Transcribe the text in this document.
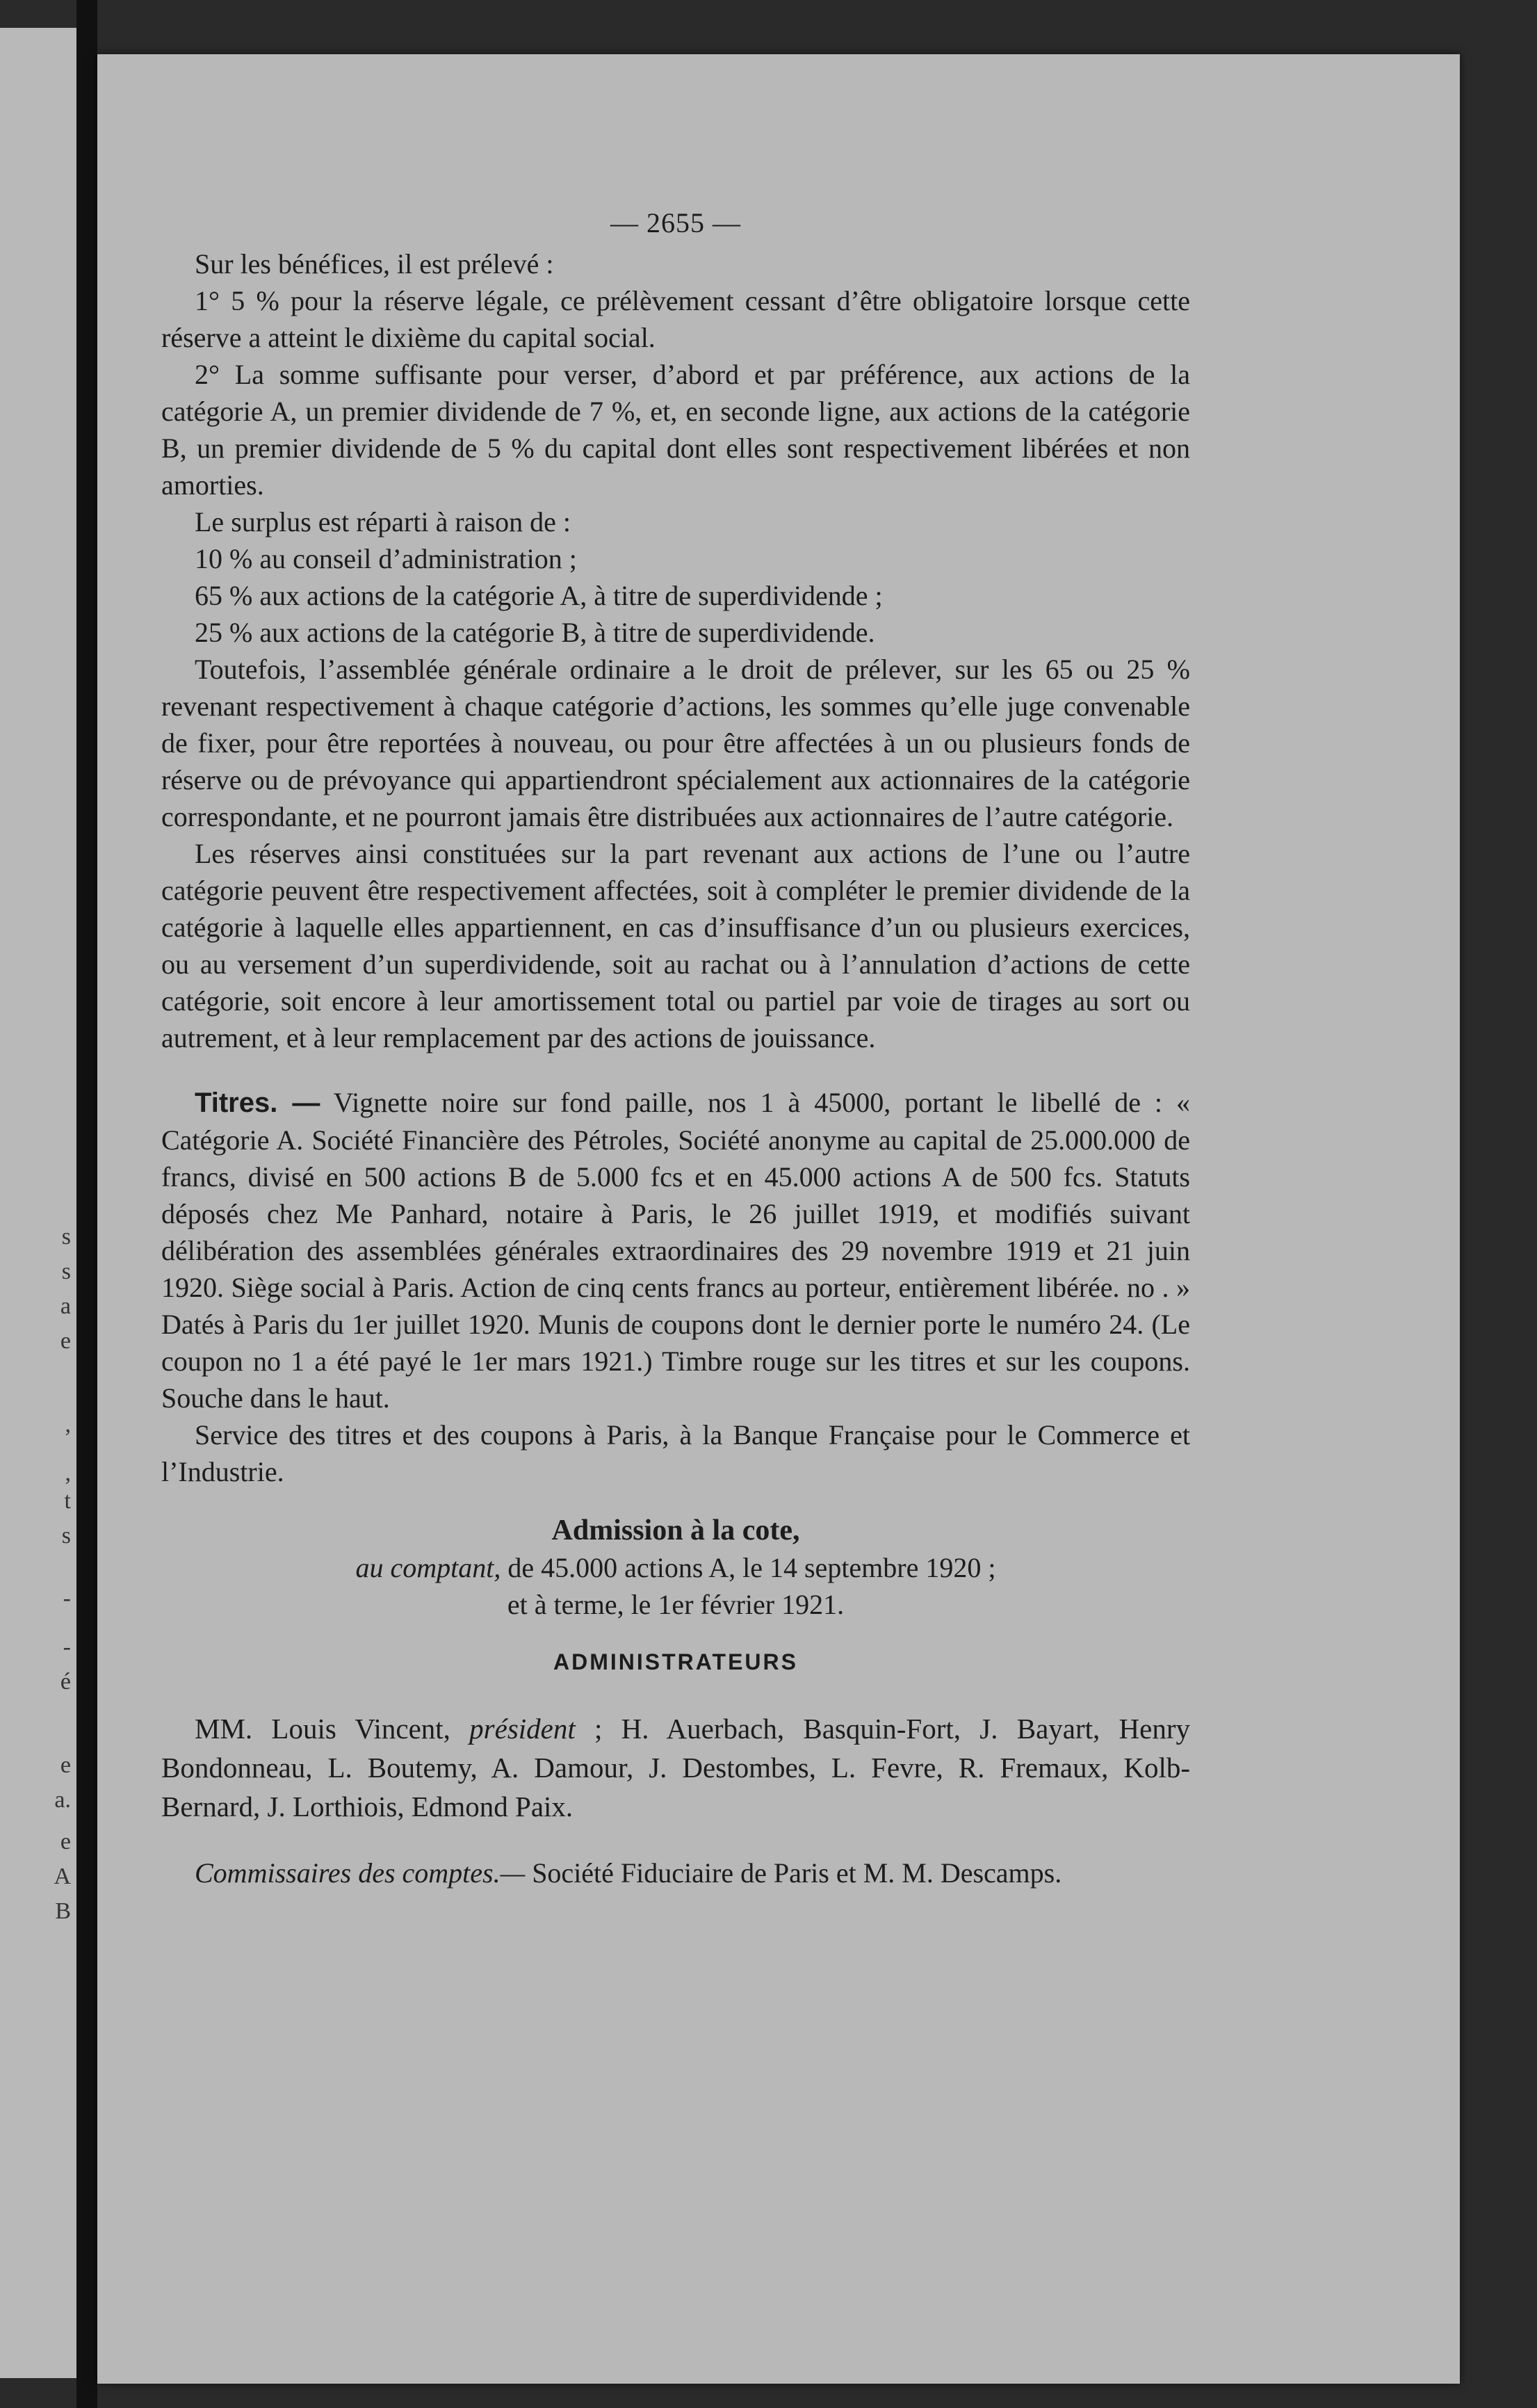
s
s
a
e
,
,
t
s
-
-
é
e
a.
e
A
B
— 2655 —

Sur les bénéfices, il est prélevé :

1° 5 % pour la réserve légale, ce prélèvement cessant d’être obligatoire lorsque cette réserve a atteint le dixième du capital social.

2° La somme suffisante pour verser, d’abord et par préférence, aux actions de la catégorie A, un premier dividende de 7 %, et, en seconde ligne, aux actions de la catégorie B, un premier dividende de 5 % du capital dont elles sont respectivement libérées et non amorties.

Le surplus est réparti à raison de :

10 % au conseil d’administration ;

65 % aux actions de la catégorie A, à titre de superdividende ;

25 % aux actions de la catégorie B, à titre de superdividende.

Toutefois, l’assemblée générale ordinaire a le droit de prélever, sur les 65 ou 25 % revenant respectivement à chaque catégorie d’actions, les sommes qu’elle juge convenable de fixer, pour être reportées à nouveau, ou pour être affectées à un ou plusieurs fonds de réserve ou de prévoyance qui appartiendront spécialement aux actionnaires de la catégorie correspondante, et ne pourront jamais être distribuées aux actionnaires de l’autre catégorie.

Les réserves ainsi constituées sur la part revenant aux actions de l’une ou l’autre catégorie peuvent être respectivement affectées, soit à compléter le premier dividende de la catégorie à laquelle elles appartiennent, en cas d’insuffisance d’un ou plusieurs exercices, ou au versement d’un superdividende, soit au rachat ou à l’annulation d’actions de cette catégorie, soit encore à leur amortissement total ou partiel par voie de tirages au sort ou autrement, et à leur remplacement par des actions de jouissance.

Titres. — Vignette noire sur fond paille, nos 1 à 45000, portant le libellé de : « Catégorie A. Société Financière des Pétroles, Société anonyme au capital de 25.000.000 de francs, divisé en 500 actions B de 5.000 fcs et en 45.000 actions A de 500 fcs. Statuts déposés chez Me Panhard, notaire à Paris, le 26 juillet 1919, et modifiés suivant délibération des assemblées générales extraordinaires des 29 novembre 1919 et 21 juin 1920. Siège social à Paris. Action de cinq cents francs au porteur, entièrement libérée. no . » Datés à Paris du 1er juillet 1920. Munis de coupons dont le dernier porte le numéro 24. (Le coupon no 1 a été payé le 1er mars 1921.) Timbre rouge sur les titres et sur les coupons. Souche dans le haut.

Service des titres et des coupons à Paris, à la Banque Française pour le Commerce et l’Industrie.

Admission à la cote,
au comptant, de 45.000 actions A, le 14 septembre 1920 ;
et à terme, le 1er février 1921.
ADMINISTRATEURS

MM. Louis Vincent, président ; H. Auerbach, Basquin-Fort, J. Bayart, Henry Bondonneau, L. Boutemy, A. Damour, J. Destombes, L. Fevre, R. Fremaux, Kolb-Bernard, J. Lorthiois, Edmond Paix.

Commissaires des comptes.— Société Fiduciaire de Paris et M. M. Descamps.
